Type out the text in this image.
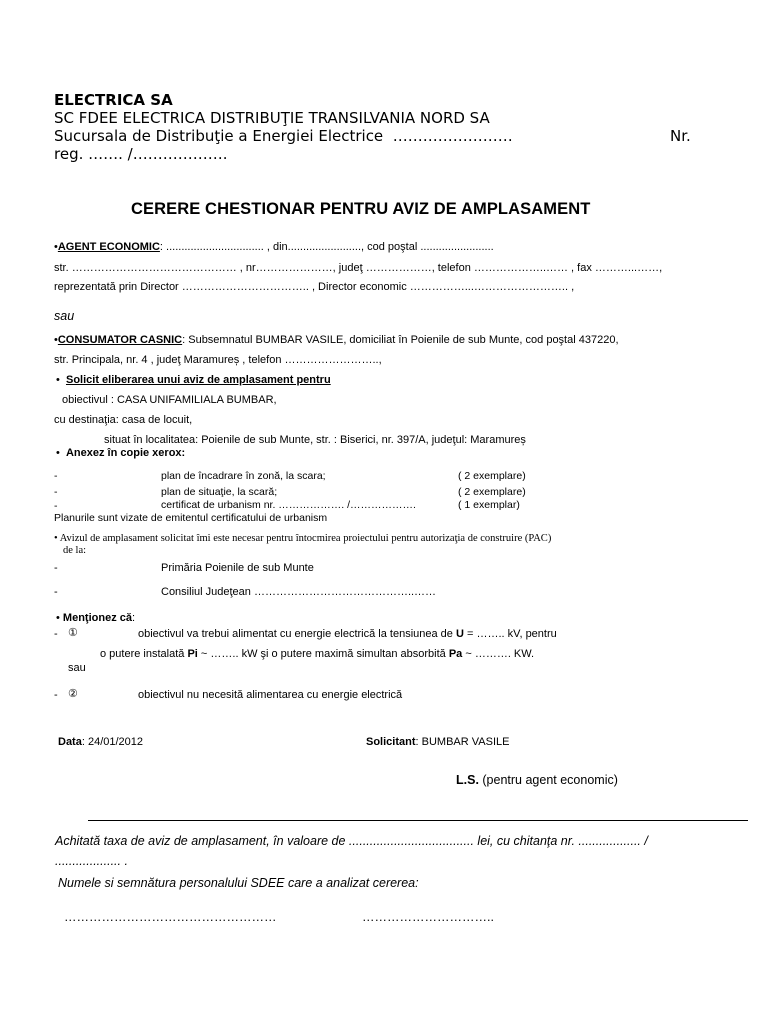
ELECTRICA SA
SC FDEE ELECTRICA DISTRIBUŢIE TRANSILVANIA NORD SA
Sucursala de Distribuţie a Energiei Electrice ……………………	Nr.
reg. ……. /……………….
CERERE CHESTIONAR PENTRU AVIZ DE AMPLASAMENT
•AGENT ECONOMIC: ................................ , din........................, cod poştal ........................
str. ……………………………………… , nr…………………, judeţ ………………, telefon ………………..…… , fax ………...……,
reprezentată prin Director …………………………….. , Director economic ……………...…………………….. ,
sau
•CONSUMATOR CASNIC: Subsemnatul BUMBAR VASILE, domiciliat în Poienile de sub Munte, cod poştal 437220,
str. Principala, nr. 4 , judeţ Maramureș , telefon ……………………..,
• Solicit eliberarea unui aviz de amplasament pentru
obiectivul : CASA UNIFAMILIALA BUMBAR,
cu destinaţia: casa de locuit,
situat în localitatea: Poienile de sub Munte, str. : Biserici, nr. 397/A, judeţul: Maramureș
• Anexez în copie xerox:
-	plan de încadrare în zonă, la scara;	( 2 exemplare)
-	plan de situaţie, la scară;	( 2 exemplare)
-	certificat de urbanism nr. ………………. /……………….	( 1 exemplar)
Planurile sunt vizate de emitentul certificatului de urbanism
• Avizul de amplasament solicitat îmi este necesar pentru întocmirea proiectului pentru autorizaţia de construire (PAC)
de la:
-	Primăria Poienile de sub Munte
-	Consiliul Judeţean ……………………………………..……
• Menţionez că:
- ①	obiectivul va trebui alimentat cu energie electrică la tensiunea de U = …….. kV, pentru
o putere instalată Pi ~ …….. kW şi o putere maximă simultan absorbită Pa ~ ………. KW.
sau
- ②	obiectivul nu necesită alimentarea cu energie electrică
Data: 24/01/2012	Solicitant: BUMBAR VASILE
L.S. (pentru agent economic)
Achitată taxa de aviz de amplasament, în valoare de .................................... lei, cu chitanţa nr. .................. /
................... .
Numele si semnătura personalului SDEE care a analizat cererea:
……………………………………………	…………………………..
